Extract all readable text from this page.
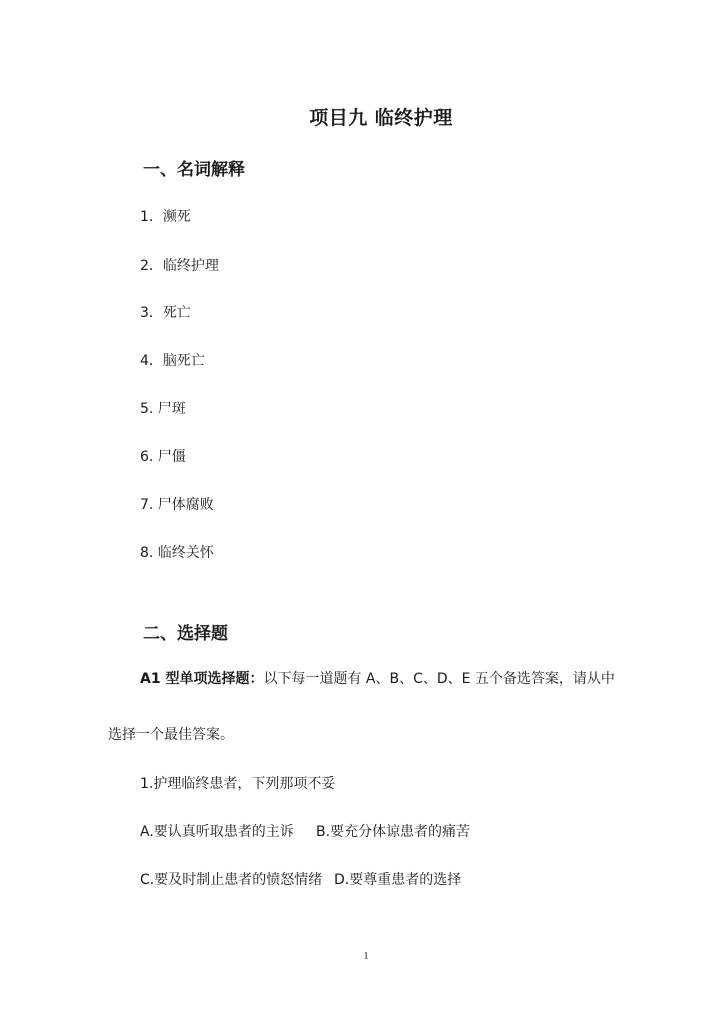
项目九 临终护理
一、名词解释
1．濒死
2．临终护理
3．死亡
4．脑死亡
5. 尸斑
6. 尸僵
7. 尸体腐败
8. 临终关怀
二、选择题
A1 型单项选择题：以下每一道题有 A、B、C、D、E 五个备选答案，请从中
选择一个最佳答案。
1.护理临终患者，下列那项不妥
A.要认真听取患者的主诉 B.要充分体谅患者的痛苦
C.要及时制止患者的愤怒情绪 D.要尊重患者的选择
1
